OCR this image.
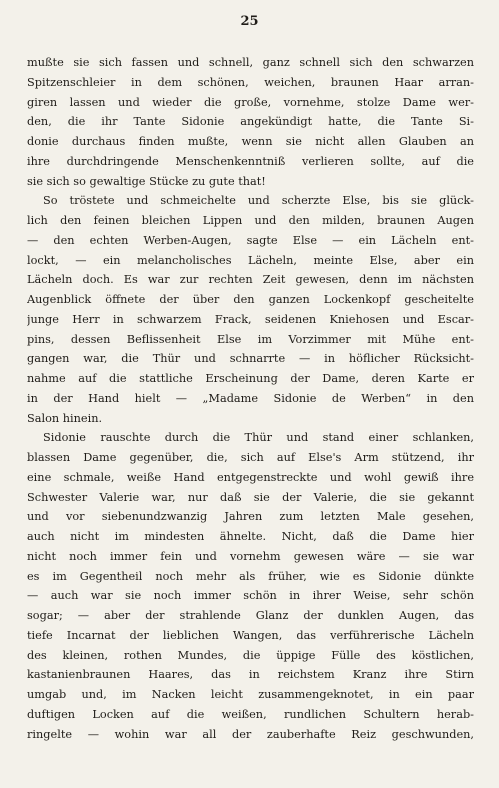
25
mußte sie sich fassen und schnell, ganz schnell sich den schwarzen
Spitzenschleier in dem schönen, weichen, braunen Haar arran-
giren lassen und wieder die große, vornehme, stolze Dame wer-
den, die ihr Tante Sidonie angekündigt hatte, die Tante Si-
donie durchaus finden mußte, wenn sie nicht allen Glauben an
ihre durchdringende Menschenkenntniß verlieren sollte, auf die
sie sich so gewaltige Stücke zu gute that!
So tröstete und schmeichelte und scherzte Else, bis sie glück-
lich den feinen bleichen Lippen und den milden, braunen Augen
— den echten Werben-Augen, sagte Else — ein Lächeln ent-
lockt, — ein melancholisches Lächeln, meinte Else, aber ein
Lächeln doch. Es war zur rechten Zeit gewesen, denn im nächsten
Augenblick öffnete der über den ganzen Lockenkopf gescheitelte
junge Herr in schwarzem Frack, seidenen Kniehosen und Escar-
pins, dessen Beflissenheit Else im Vorzimmer mit Mühe ent-
gangen war, die Thür und schnarrte — in höflicher Rücksicht-
nahme auf die stattliche Erscheinung der Dame, deren Karte er
in der Hand hielt — „Madame Sidonie de Werben“ in den
Salon hinein.
Sidonie rauschte durch die Thür und stand einer schlanken,
blassen Dame gegenüber, die, sich auf Else's Arm stützend, ihr
eine schmale, weiße Hand entgegenstreckte und wohl gewiß ihre
Schwester Valerie war, nur daß sie der Valerie, die sie gekannt
und vor siebenundzwanzig Jahren zum letzten Male gesehen,
auch nicht im mindesten ähnelte. Nicht, daß die Dame hier
nicht noch immer fein und vornehm gewesen wäre — sie war
es im Gegentheil noch mehr als früher, wie es Sidonie dünkte
— auch war sie noch immer schön in ihrer Weise, sehr schön
sogar; — aber der strahlende Glanz der dunklen Augen, das
tiefe Incarnat der lieblichen Wangen, das verführerische Lächeln
des kleinen, rothen Mundes, die üppige Fülle des köstlichen,
kastanienbraunen Haares, das in reichstem Kranz ihre Stirn
umgab und, im Nacken leicht zusammengeknotet, in ein paar
duftigen Locken auf die weißen, rundlichen Schultern herab-
ringelte — wohin war all der zauberhafte Reiz geschwunden,
